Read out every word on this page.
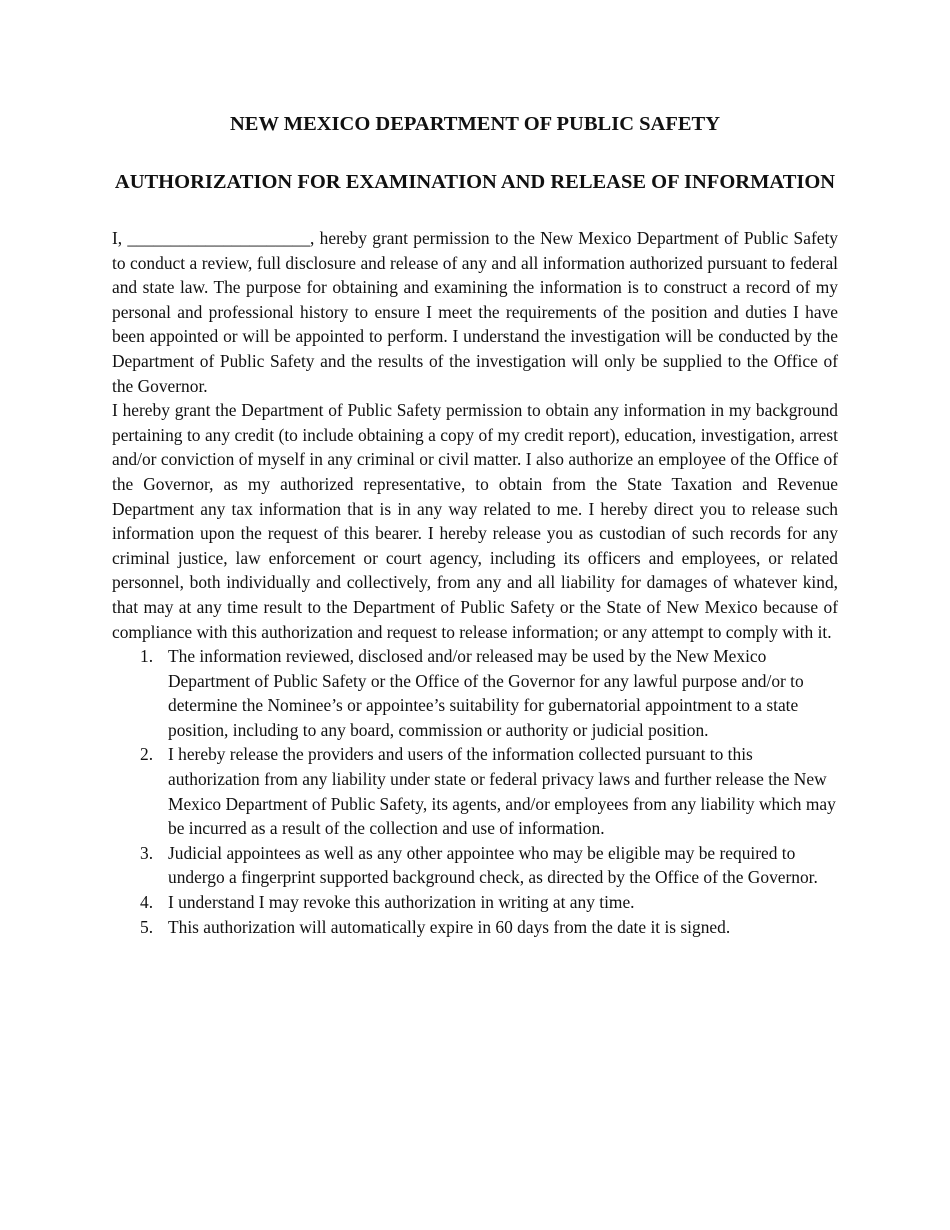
NEW MEXICO DEPARTMENT OF PUBLIC SAFETY
AUTHORIZATION FOR EXAMINATION AND RELEASE OF INFORMATION

I, _____________________, hereby grant permission to the New Mexico Department of Public Safety to conduct a review, full disclosure and release of any and all information authorized pursuant to federal and state law. The purpose for obtaining and examining the information is to construct a record of my personal and professional history to ensure I meet the requirements of the position and duties I have been appointed or will be appointed to perform. I understand the investigation will be conducted by the Department of Public Safety and the results of the investigation will only be supplied to the Office of the Governor.

I hereby grant the Department of Public Safety permission to obtain any information in my background pertaining to any credit (to include obtaining a copy of my credit report), education, investigation, arrest and/or conviction of myself in any criminal or civil matter. I also authorize an employee of the Office of the Governor, as my authorized representative, to obtain from the State Taxation and Revenue Department any tax information that is in any way related to me. I hereby direct you to release such information upon the request of this bearer. I hereby release you as custodian of such records for any criminal justice, law enforcement or court agency, including its officers and employees, or related personnel, both individually and collectively, from any and all liability for damages of whatever kind, that may at any time result to the Department of Public Safety or the State of New Mexico because of compliance with this authorization and request to release information; or any attempt to comply with it.

1. The information reviewed, disclosed and/or released may be used by the New Mexico Department of Public Safety or the Office of the Governor for any lawful purpose and/or to determine the Nominee’s or appointee’s suitability for gubernatorial appointment to a state position, including to any board, commission or authority or judicial position.
2. I hereby release the providers and users of the information collected pursuant to this authorization from any liability under state or federal privacy laws and further release the New Mexico Department of Public Safety, its agents, and/or employees from any liability which may be incurred as a result of the collection and use of information.
3. Judicial appointees as well as any other appointee who may be eligible may be required to undergo a fingerprint supported background check, as directed by the Office of the Governor.
4. I understand I may revoke this authorization in writing at any time.
5. This authorization will automatically expire in 60 days from the date it is signed.
